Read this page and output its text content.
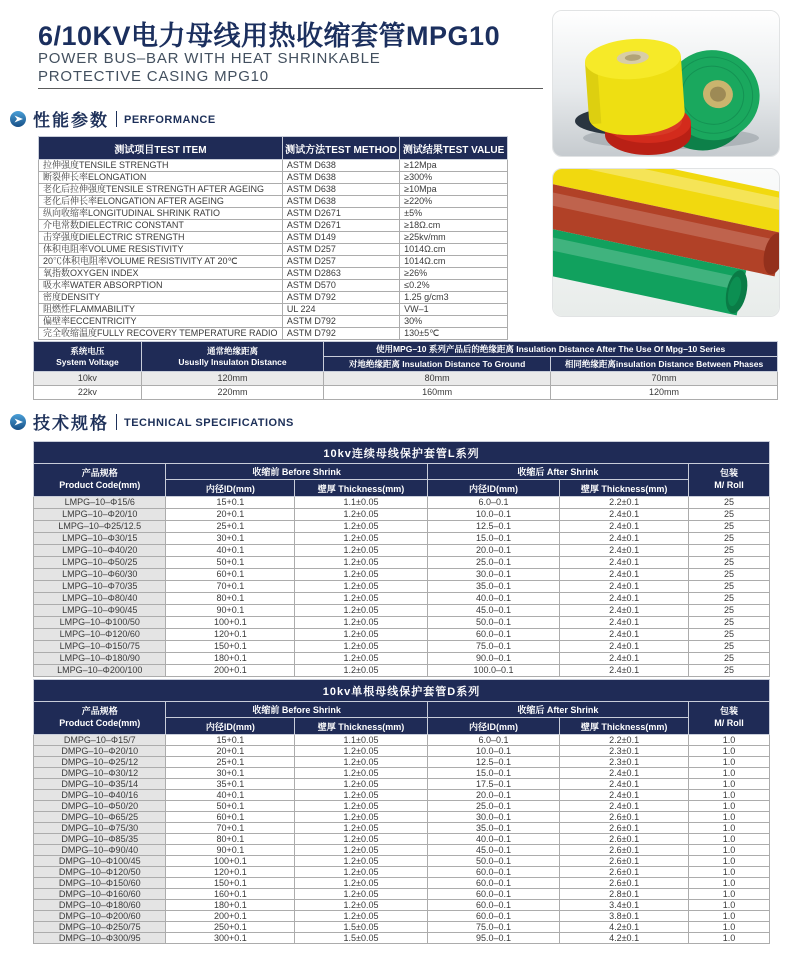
6/10KV电力母线用热收缩套管MPG10
POWER BUS–BAR WITH HEAT SHRINKABLE
PROTECTIVE CASING MPG10
性能参数 PERFORMANCE
测试项目TEST ITEM	测试方法TEST METHOD	测试结果TEST VALUE
拉伸强度TENSILE STRENGTH	ASTM D638	≥12Mpa
断裂伸长率ELONGATION	ASTM D638	≥300%
老化后拉伸强度TENSILE STRENGTH AFTER AGEING	ASTM D638	≥10Mpa
老化后伸长率ELONGATION AFTER AGEING	ASTM D638	≥220%
纵向收缩率LONGITUDINAL SHRINK RATIO	ASTM D2671	±5%
介电常数DIELECTRIC CONSTANT	ASTM D2671	≥18Ω.cm
击穿强度DIELECTRIC STRENGTH	ASTM D149	≥25kv/mm
体积电阻率VOLUME RESISTIVITY	ASTM D257	1014Ω.cm
20℃体积电阻率VOLUME RESISTIVITY AT 20℃	ASTM D257	1014Ω.cm
氧指数OXYGEN INDEX	ASTM D2863	≥26%
吸水率WATER ABSORPTION	ASTM D570	≤0.2%
密度DENSITY	ASTM D792	1.25 g/cm3
阻燃性FLAMMABILITY	UL 224	VW–1
偏壁率ECCENTRICITY	ASTM D792	30%
完全收缩温度FULLY RECOVERY TEMPERATURE RADIO	ASTM D792	130±5℃
系统电压
System Voltage

通常绝缘距离
Ususlly Insulaton Distance
	使用MPG–10 系列产品后的绝缘距离 Insulation Distance After The Use Of Mpg–10 Series
		对地绝缘距离 Insulation Distance To Ground	相同绝缘距离insulation Distance Between Phases
10kv	120mm	80mm	70mm
22kv	220mm	160mm	120mm
技术规格 TECHNICAL SPECIFICATIONS
10kv连续母线保护套管L系列					

产品规格
Product Code(mm)
	收缩前 Before Shrink	收缩后 After Shrink	包装
M/ Roll

	内径ID(mm)	壁厚 Thickness(mm)	内径ID(mm)	壁厚 Thickness(mm)	
LMPG–10–Φ15/6	15+0.1	1.1±0.05	6.0–0.1	2.2±0.1	25
LMPG–10–Φ20/10	20+0.1	1.2±0.05	10.0–0.1	2.4±0.1	25
LMPG–10–Φ25/12.5	25+0.1	1.2±0.05	12.5–0.1	2.4±0.1	25
LMPG–10–Φ30/15	30+0.1	1.2±0.05	15.0–0.1	2.4±0.1	25
LMPG–10–Φ40/20	40+0.1	1.2±0.05	20.0–0.1	2.4±0.1	25
LMPG–10–Φ50/25	50+0.1	1.2±0.05	25.0–0.1	2.4±0.1	25
LMPG–10–Φ60/30	60+0.1	1.2±0.05	30.0–0.1	2.4±0.1	25
LMPG–10–Φ70/35	70+0.1	1.2±0.05	35.0–0.1	2.4±0.1	25
LMPG–10–Φ80/40	80+0.1	1.2±0.05	40.0–0.1	2.4±0.1	25
LMPG–10–Φ90/45	90+0.1	1.2±0.05	45.0–0.1	2.4±0.1	25
LMPG–10–Φ100/50	100+0.1	1.2±0.05	50.0–0.1	2.4±0.1	25
LMPG–10–Φ120/60	120+0.1	1.2±0.05	60.0–0.1	2.4±0.1	25
LMPG–10–Φ150/75	150+0.1	1.2±0.05	75.0–0.1	2.4±0.1	25
LMPG–10–Φ180/90	180+0.1	1.2±0.05	90.0–0.1	2.4±0.1	25
LMPG–10–Φ200/100	200+0.1	1.2±0.05	100.0–0.1	2.4±0.1	25
10kv单根母线保护套管D系列					

产品规格
Product Code(mm)
	收缩前 Before Shrink	收缩后 After Shrink	包装
M/ Roll

	内径ID(mm)	壁厚 Thickness(mm)	内径ID(mm)	壁厚 Thickness(mm)	
DMPG–10–Φ15/7	15+0.1	1.1±0.05	6.0–0.1	2.2±0.1	1.0
DMPG–10–Φ20/10	20+0.1	1.2±0.05	10.0–0.1	2.3±0.1	1.0
DMPG–10–Φ25/12	25+0.1	1.2±0.05	12.5–0.1	2.3±0.1	1.0
DMPG–10–Φ30/12	30+0.1	1.2±0.05	15.0–0.1	2.4±0.1	1.0
DMPG–10–Φ35/14	35+0.1	1.2±0.05	17.5–0.1	2.4±0.1	1.0
DMPG–10–Φ40/16	40+0.1	1.2±0.05	20.0–0.1	2.4±0.1	1.0
DMPG–10–Φ50/20	50+0.1	1.2±0.05	25.0–0.1	2.4±0.1	1.0
DMPG–10–Φ65/25	60+0.1	1.2±0.05	30.0–0.1	2.6±0.1	1.0
DMPG–10–Φ75/30	70+0.1	1.2±0.05	35.0–0.1	2.6±0.1	1.0
DMPG–10–Φ85/35	80+0.1	1.2±0.05	40.0–0.1	2.6±0.1	1.0
DMPG–10–Φ90/40	90+0.1	1.2±0.05	45.0–0.1	2.6±0.1	1.0
DMPG–10–Φ100/45	100+0.1	1.2±0.05	50.0–0.1	2.6±0.1	1.0
DMPG–10–Φ120/50	120+0.1	1.2±0.05	60.0–0.1	2.6±0.1	1.0
DMPG–10–Φ150/60	150+0.1	1.2±0.05	60.0–0.1	2.6±0.1	1.0
DMPG–10–Φ160/60	160+0.1	1.2±0.05	60.0–0.1	2.8±0.1	1.0
DMPG–10–Φ180/60	180+0.1	1.2±0.05	60.0–0.1	3.4±0.1	1.0
DMPG–10–Φ200/60	200+0.1	1.2±0.05	60.0–0.1	3.8±0.1	1.0
DMPG–10–Φ250/75	250+0.1	1.5±0.05	75.0–0.1	4.2±0.1	1.0
DMPG–10–Φ300/95	300+0.1	1.5±0.05	95.0–0.1	4.2±0.1	1.0
